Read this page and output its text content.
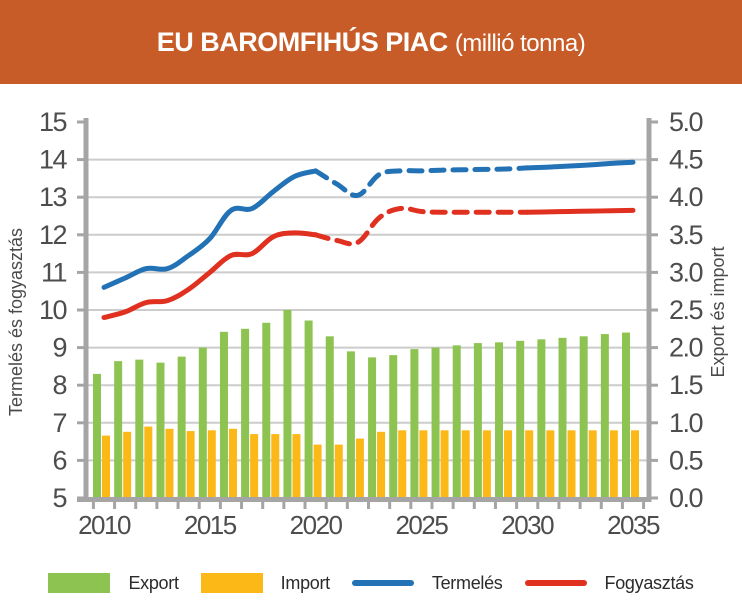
EU BAROMFIHÚS PIAC (millió tonna)
5
6
7
8
9
10
11
12
13
14
15
0.0
0.5
1.0
1.5
2.0
2.5
3.0
3.5
4.0
4.5
5.0
2010 2015 2020 2025 2030 2035
Termelés és fogyasztás	Export és import
Export	Import	Termelés	Fogyasztás
